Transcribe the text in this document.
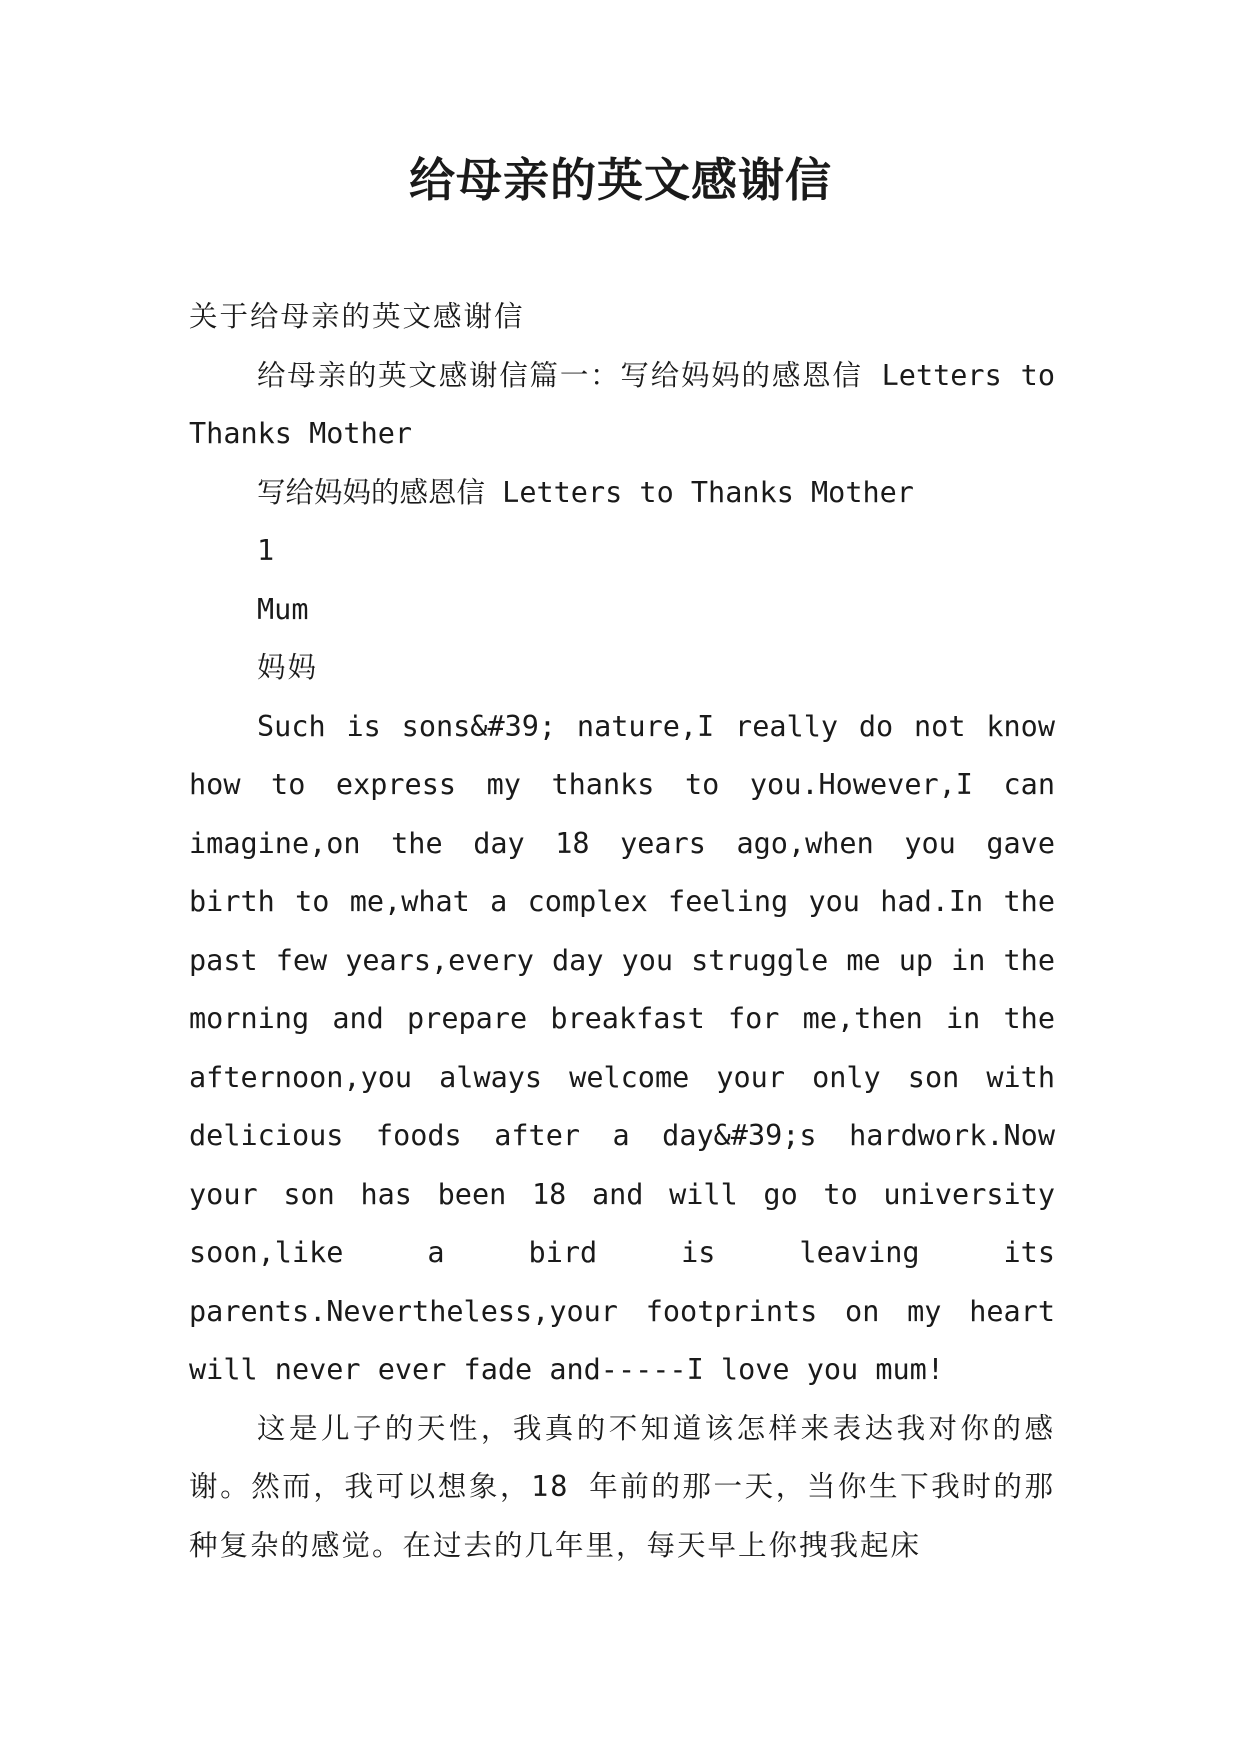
给母亲的英文感谢信

关于给母亲的英文感谢信

给母亲的英文感谢信篇一：写给妈妈的感恩信 Letters to Thanks Mother

写给妈妈的感恩信 Letters to Thanks Mother

1

Mum

妈妈

Such is sons&#39; nature,I really do not know how to express my thanks to you.However,I can imagine,on the day 18 years ago,when you gave birth to me,what a complex feeling you had.In the past few years,every day you struggle me up in the morning and prepare breakfast for me,then in the afternoon,you always welcome your only son with delicious foods after a day&#39;s hardwork.Now your son has been 18 and will go to university soon,like a bird is leaving its parents.Nevertheless,your footprints on my heart will never ever fade and-----I love you mum!

这是儿子的天性，我真的不知道该怎样来表达我对你的感谢。然而，我可以想象，18 年前的那一天，当你生下我时的那种复杂的感觉。在过去的几年里，每天早上你拽我起床
